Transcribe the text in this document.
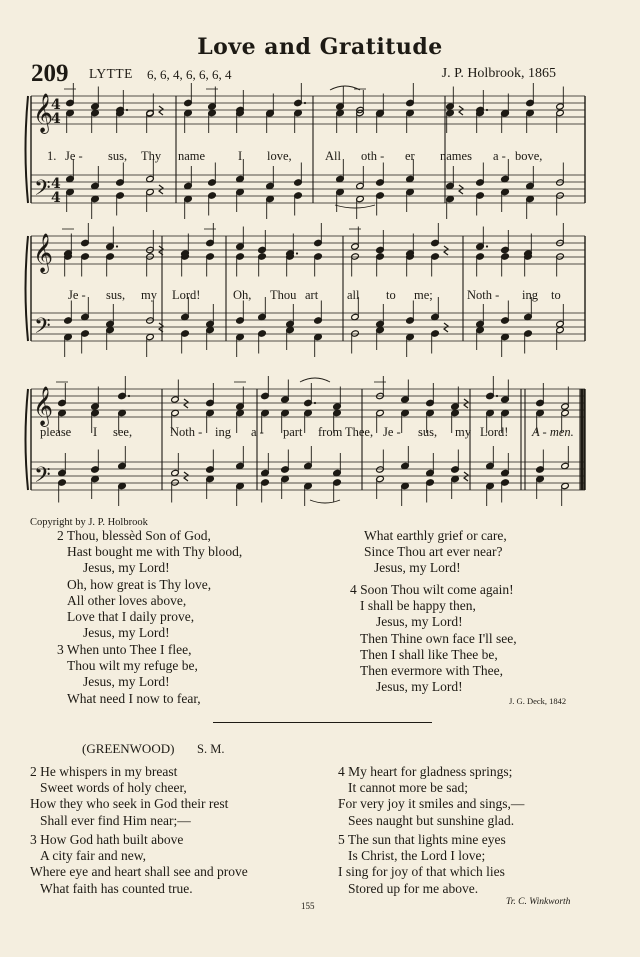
Love and Gratitude
209 LYTTE 6, 6, 4, 6, 6, 6, 4	J. P. Holbrook, 1865
𝄞
𝄢
4
4
4
4
𝄞
𝄢
𝄞
𝄢
1. Je - sus, Thy name	I love,	All oth - er names a - bove,
Je - sus, my Lord!	Oh, Thou art all to me;	Noth - ing to
please I see,	Noth - ing a - part from Thee, Je - sus, my Lord! A - men.
Copyright by J. P. Holbrook
2 Thou, blessèd Son of God,
Hast bought me with Thy blood,
Jesus, my Lord!
Oh, how great is Thy love,
All other loves above,
Love that I daily prove,
Jesus, my Lord!
3 When unto Thee I flee,
Thou wilt my refuge be,
Jesus, my Lord!
What need I now to fear,
What earthly grief or care,
Since Thou art ever near?
Jesus, my Lord!
4 Soon Thou wilt come again!
I shall be happy then,
Jesus, my Lord!
Then Thine own face I'll see,
Then I shall like Thee be,
Then evermore with Thee,
Jesus, my Lord!
J. G. Deck, 1842
(GREENWOOD) S. M.
2 He whispers in my breast
Sweet words of holy cheer,
How they who seek in God their rest
Shall ever find Him near;—
3 How God hath built above
A city fair and new,
Where eye and heart shall see and prove
What faith has counted true.
4 My heart for gladness springs;
It cannot more be sad;
For very joy it smiles and sings,—
Sees naught but sunshine glad.
5 The sun that lights mine eyes
Is Christ, the Lord I love;
I sing for joy of that which lies
Stored up for me above.
Tr. C. Winkworth
155
